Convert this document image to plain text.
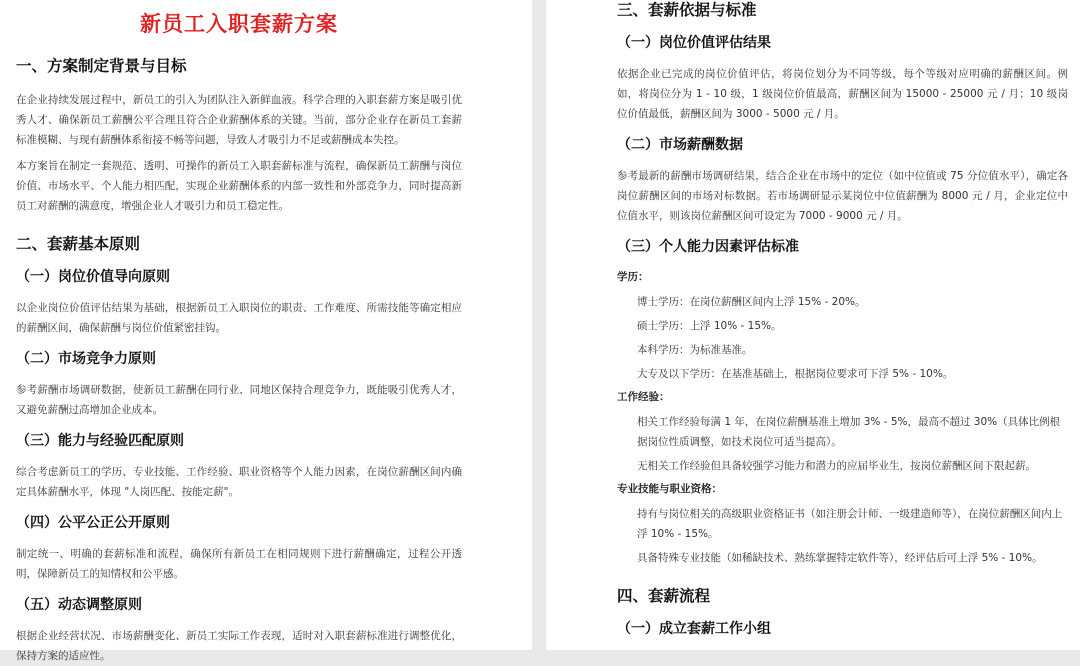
新员工入职套薪方案
一、方案制定背景与目标

在企业持续发展过程中，新员工的引入为团队注入新鲜血液。科学合理的入职套薪方案是吸引优秀人才、确保新员工薪酬公平合理且符合企业薪酬体系的关键。当前，部分企业存在新员工套薪标准模糊、与现有薪酬体系衔接不畅等问题，导致人才吸引力不足或薪酬成本失控。

本方案旨在制定一套规范、透明、可操作的新员工入职套薪标准与流程，确保新员工薪酬与岗位价值、市场水平、个人能力相匹配，实现企业薪酬体系的内部一致性和外部竞争力，同时提高新员工对薪酬的满意度，增强企业人才吸引力和员工稳定性。

二、套薪基本原则
（一）岗位价值导向原则

以企业岗位价值评估结果为基础，根据新员工入职岗位的职责、工作难度、所需技能等确定相应的薪酬区间，确保薪酬与岗位价值紧密挂钩。

（二）市场竞争力原则

参考薪酬市场调研数据，使新员工薪酬在同行业、同地区保持合理竞争力，既能吸引优秀人才，又避免薪酬过高增加企业成本。

（三）能力与经验匹配原则

综合考虑新员工的学历、专业技能、工作经验、职业资格等个人能力因素，在岗位薪酬区间内确定具体薪酬水平，体现 "人岗匹配、按能定薪"。

（四）公平公正公开原则

制定统一、明确的套薪标准和流程，确保所有新员工在相同规则下进行薪酬确定，过程公开透明，保障新员工的知情权和公平感。

（五）动态调整原则

根据企业经营状况、市场薪酬变化、新员工实际工作表现，适时对入职套薪标准进行调整优化，保持方案的适应性。

三、套薪依据与标准
（一）岗位价值评估结果

依据企业已完成的岗位价值评估，将岗位划分为不同等级，每个等级对应明确的薪酬区间。例如，将岗位分为 1 - 10 级，1 级岗位价值最高，薪酬区间为 15000 - 25000 元 / 月；10 级岗位价值最低，薪酬区间为 3000 - 5000 元 / 月。

（二）市场薪酬数据

参考最新的薪酬市场调研结果，结合企业在市场中的定位（如中位值或 75 分位值水平），确定各岗位薪酬区间的市场对标数据。若市场调研显示某岗位中位值薪酬为 8000 元 / 月，企业定位中位值水平，则该岗位薪酬区间可设定为 7000 - 9000 元 / 月。

（三）个人能力因素评估标准

学历：

博士学历：在岗位薪酬区间内上浮 15% - 20%。

硕士学历：上浮 10% - 15%。

本科学历：为标准基准。

大专及以下学历：在基准基础上，根据岗位要求可下浮 5% - 10%。

工作经验：

相关工作经验每满 1 年，在岗位薪酬基准上增加 3% - 5%，最高不超过 30%（具体比例根据岗位性质调整，如技术岗位可适当提高）。

无相关工作经验但具备较强学习能力和潜力的应届毕业生，按岗位薪酬区间下限起薪。

专业技能与职业资格：

持有与岗位相关的高级职业资格证书（如注册会计师、一级建造师等），在岗位薪酬区间内上浮 10% - 15%。

具备特殊专业技能（如稀缺技术、熟练掌握特定软件等），经评估后可上浮 5% - 10%。

四、套薪流程
（一）成立套薪工作小组
